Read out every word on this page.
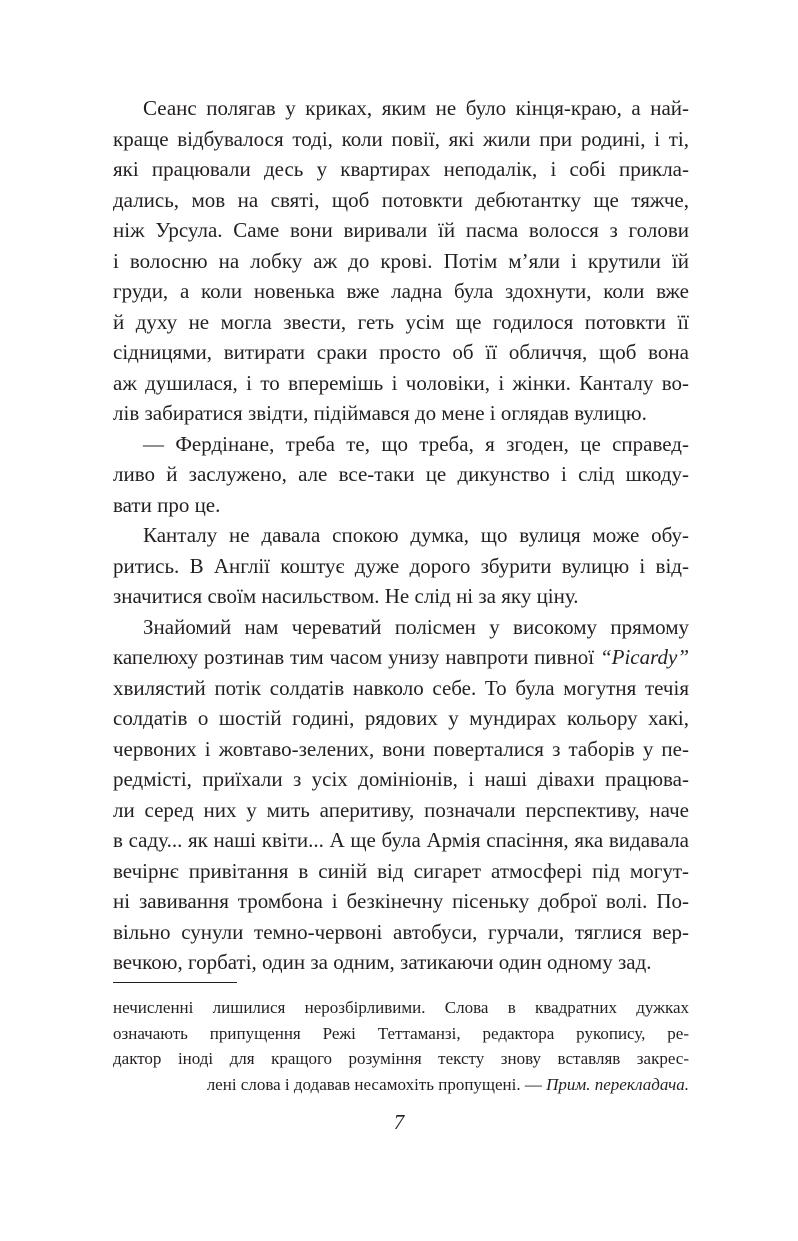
Сеанс полягав у криках, яким не було кінця-краю, а най-
краще відбувалося тоді, коли повії, які жили при родині, і ті,
які працювали десь у квартирах неподалік, і собі прикла-
дались, мов на святі, щоб потовкти дебютантку ще тяжче,
ніж Урсула. Саме вони виривали їй пасма волосся з голови
і волосню на лобку аж до крові. Потім м’яли і крутили їй
груди, а коли новенька вже ладна була здохнути, коли вже
й духу не могла звести, геть усім ще годилося потовкти її
сідницями, витирати сраки просто об її обличчя, щоб вона
аж душилася, і то вперемішь і чоловіки, і жінки. Канталу во-
лів забиратися звідти, підіймався до мене і оглядав вулицю.
— Фердінане, треба те, що треба, я згоден, це справед-
ливо й заслужено, але все-таки це дикунство і слід шкоду-
вати про це.
Канталу не давала спокою думка, що вулиця може обу-
ритись. В Англії коштує дуже дорого збурити вулицю і від-
значитися своїм насильством. Не слід ні за яку ціну.
Знайомий нам череватий полісмен у високому прямому
капелюху розтинав тим часом унизу навпроти пивної “Picardy”
хвилястий потік солдатів навколо себе. То була могутня течія
солдатів о шостій годині, рядових у мундирах кольору хакі,
червоних і жовтаво-зелених, вони поверталися з таборів у пе-
редмісті, приїхали з усіх домініонів, і наші дівахи працюва-
ли серед них у мить аперитиву, позначали перспективу, наче
в саду... як наші квіти... А ще була Армія спасіння, яка видавала
вечірнє привітання в синій від сигарет атмосфері під могут-
ні завивання тромбона і безкінечну пісеньку доброї волі. По-
вільно сунули темно-червоні автобуси, гурчали, тяглися вер-
вечкою, горбаті, один за одним, затикаючи один одному зад.
нечисленні лишилися нерозбірливими. Слова в квадратних дужках
означають припущення Режі Теттаманзі, редактора рукопису, ре-
дактор іноді для кращого розуміння тексту знову вставляв закрес-
лені слова і додавав несамохіть пропущені. — Прим. перекладача.
7
